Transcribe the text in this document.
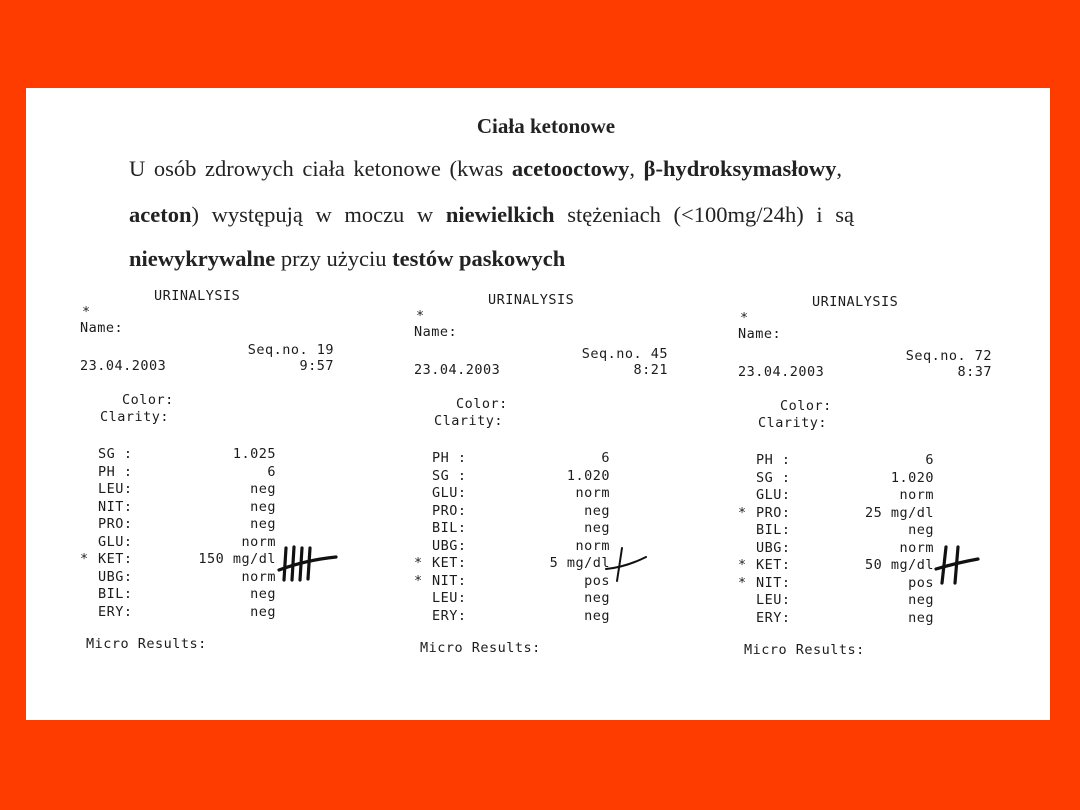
Ciała ketonowe
U osób zdrowych ciała ketonowe (kwas acetooctowy, β-hydroksymasłowy,
aceton) występują w moczu w niewielkich stężeniach (<100mg/24h) i są
niewykrywalne przy użyciu testów paskowych
URINALYSIS
*
Name:
Seq.no. 19
23.04.2003	9:57
Color:
Clarity:
SG :	1.025
PH :	6
LEU:	neg
NIT:	neg
PRO:	neg
GLU:	norm
* KET:	150 mg/dl
UBG:	norm
BIL:	neg
ERY:	neg
Micro Results:
URINALYSIS
*
Name:
Seq.no. 45
23.04.2003	8:21
Color:
Clarity:
PH :	6
SG :	1.020
GLU:	norm
PRO:	neg
BIL:	neg
UBG:	norm
* KET:	5 mg/dl
* NIT:	pos
LEU:	neg
ERY:	neg
Micro Results:
URINALYSIS
*
Name:
Seq.no. 72
23.04.2003	8:37
Color:
Clarity:
PH :	6
SG :	1.020
GLU:	norm
* PRO:	25 mg/dl
BIL:	neg
UBG:	norm
* KET:	50 mg/dl
* NIT:	pos
LEU:	neg
ERY:	neg
Micro Results:
